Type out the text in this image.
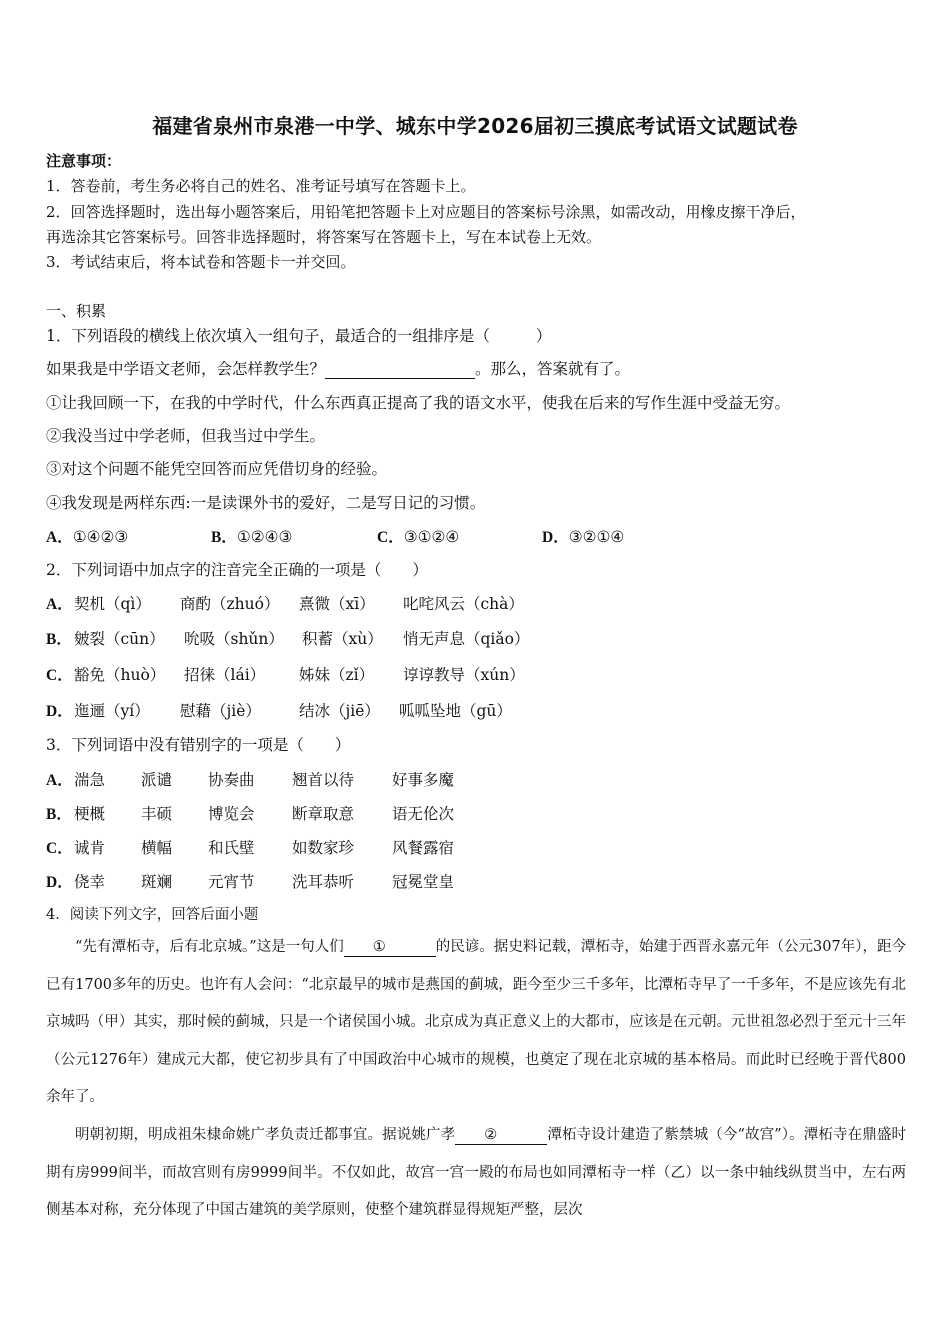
福建省泉州市泉港一中学、城东中学2026届初三摸底考试语文试题试卷
注意事项：
1．答卷前，考生务必将自己的姓名、准考证号填写在答题卡上。
2．回答选择题时，选出每小题答案后，用铅笔把答题卡上对应题目的答案标号涂黑，如需改动，用橡皮擦干净后，
再选涂其它答案标号。回答非选择题时，将答案写在答题卡上，写在本试卷上无效。
3．考试结束后，将本试卷和答题卡一并交回。
一、积累
1．下列语段的横线上依次填入一组句子，最适合的一组排序是（	）
如果我是中学语文老师，会怎样教学生？	。那么，答案就有了。
①让我回顾一下，在我的中学时代，什么东西真正提高了我的语文水平，使我在后来的写作生涯中受益无穷。
②我没当过中学老师，但我当过中学生。
③对这个问题不能凭空回答而应凭借切身的经验。
④我发现是两样东西:一是读课外书的爱好，二是写日记的习惯。
A．①④②③	B．①②④③	C．③①②④	D．③②①④
2．下列词语中加点字的注音完全正确的一项是（　　）
A． 契机（qì） 商酌（zhuó） 熹微（xī） 叱咤风云（chà）
B． 皴裂（cūn） 吮吸（shǔn） 积蓄（xù） 悄无声息（qiǎo）
C． 豁免（huò） 招徕（lái） 姊妹（zǐ） 谆谆教导（xún）
D． 迤逦（yí） 慰藉（jiè） 结冰（jiē） 呱呱坠地（gū）
3．下列词语中没有错别字的一项是（　　）
A． 湍急 派谴 协奏曲 翘首以待 好事多魔
B． 梗概 丰硕 博览会 断章取意 语无伦次
C． 诚肯 横幅 和氏壁 如数家珍 风餐露宿
D． 侥幸 斑斓 元宵节 洗耳恭听 冠冕堂皇
4．阅读下列文字，回答后面小题
“先有潭柘寺，后有北京城。”这是一句人们 ①	的民谚。据史料记载，潭柘寺，始建于西晋永嘉元年（公元307年），距今已有1700多年的历史。也许有人会问：“北京最早的城市是燕国的蓟城，距今至少三千多年，比潭柘寺早了一千多年，不是应该先有北京城吗（甲）其实，那时候的蓟城，只是一个诸侯国小城。北京成为真正意义上的大都市，应该是在元朝。元世祖忽必烈于至元十三年（公元1276年）建成元大都，使它初步具有了中国政治中心城市的规模，也奠定了现在北京城的基本格局。而此时已经晚于晋代800余年了。
明朝初期，明成祖朱棣命姚广孝负责迁都事宜。据说姚广孝 ②	潭柘寺设计建造了紫禁城（今“故宫”）。潭柘寺在鼎盛时期有房999间半，而故宫则有房9999间半。不仅如此，故宫一宫一殿的布局也如同潭柘寺一样（乙）以一条中轴线纵贯当中，左右两侧基本对称，充分体现了中国古建筑的美学原则，使整个建筑群显得规矩严整，层次
